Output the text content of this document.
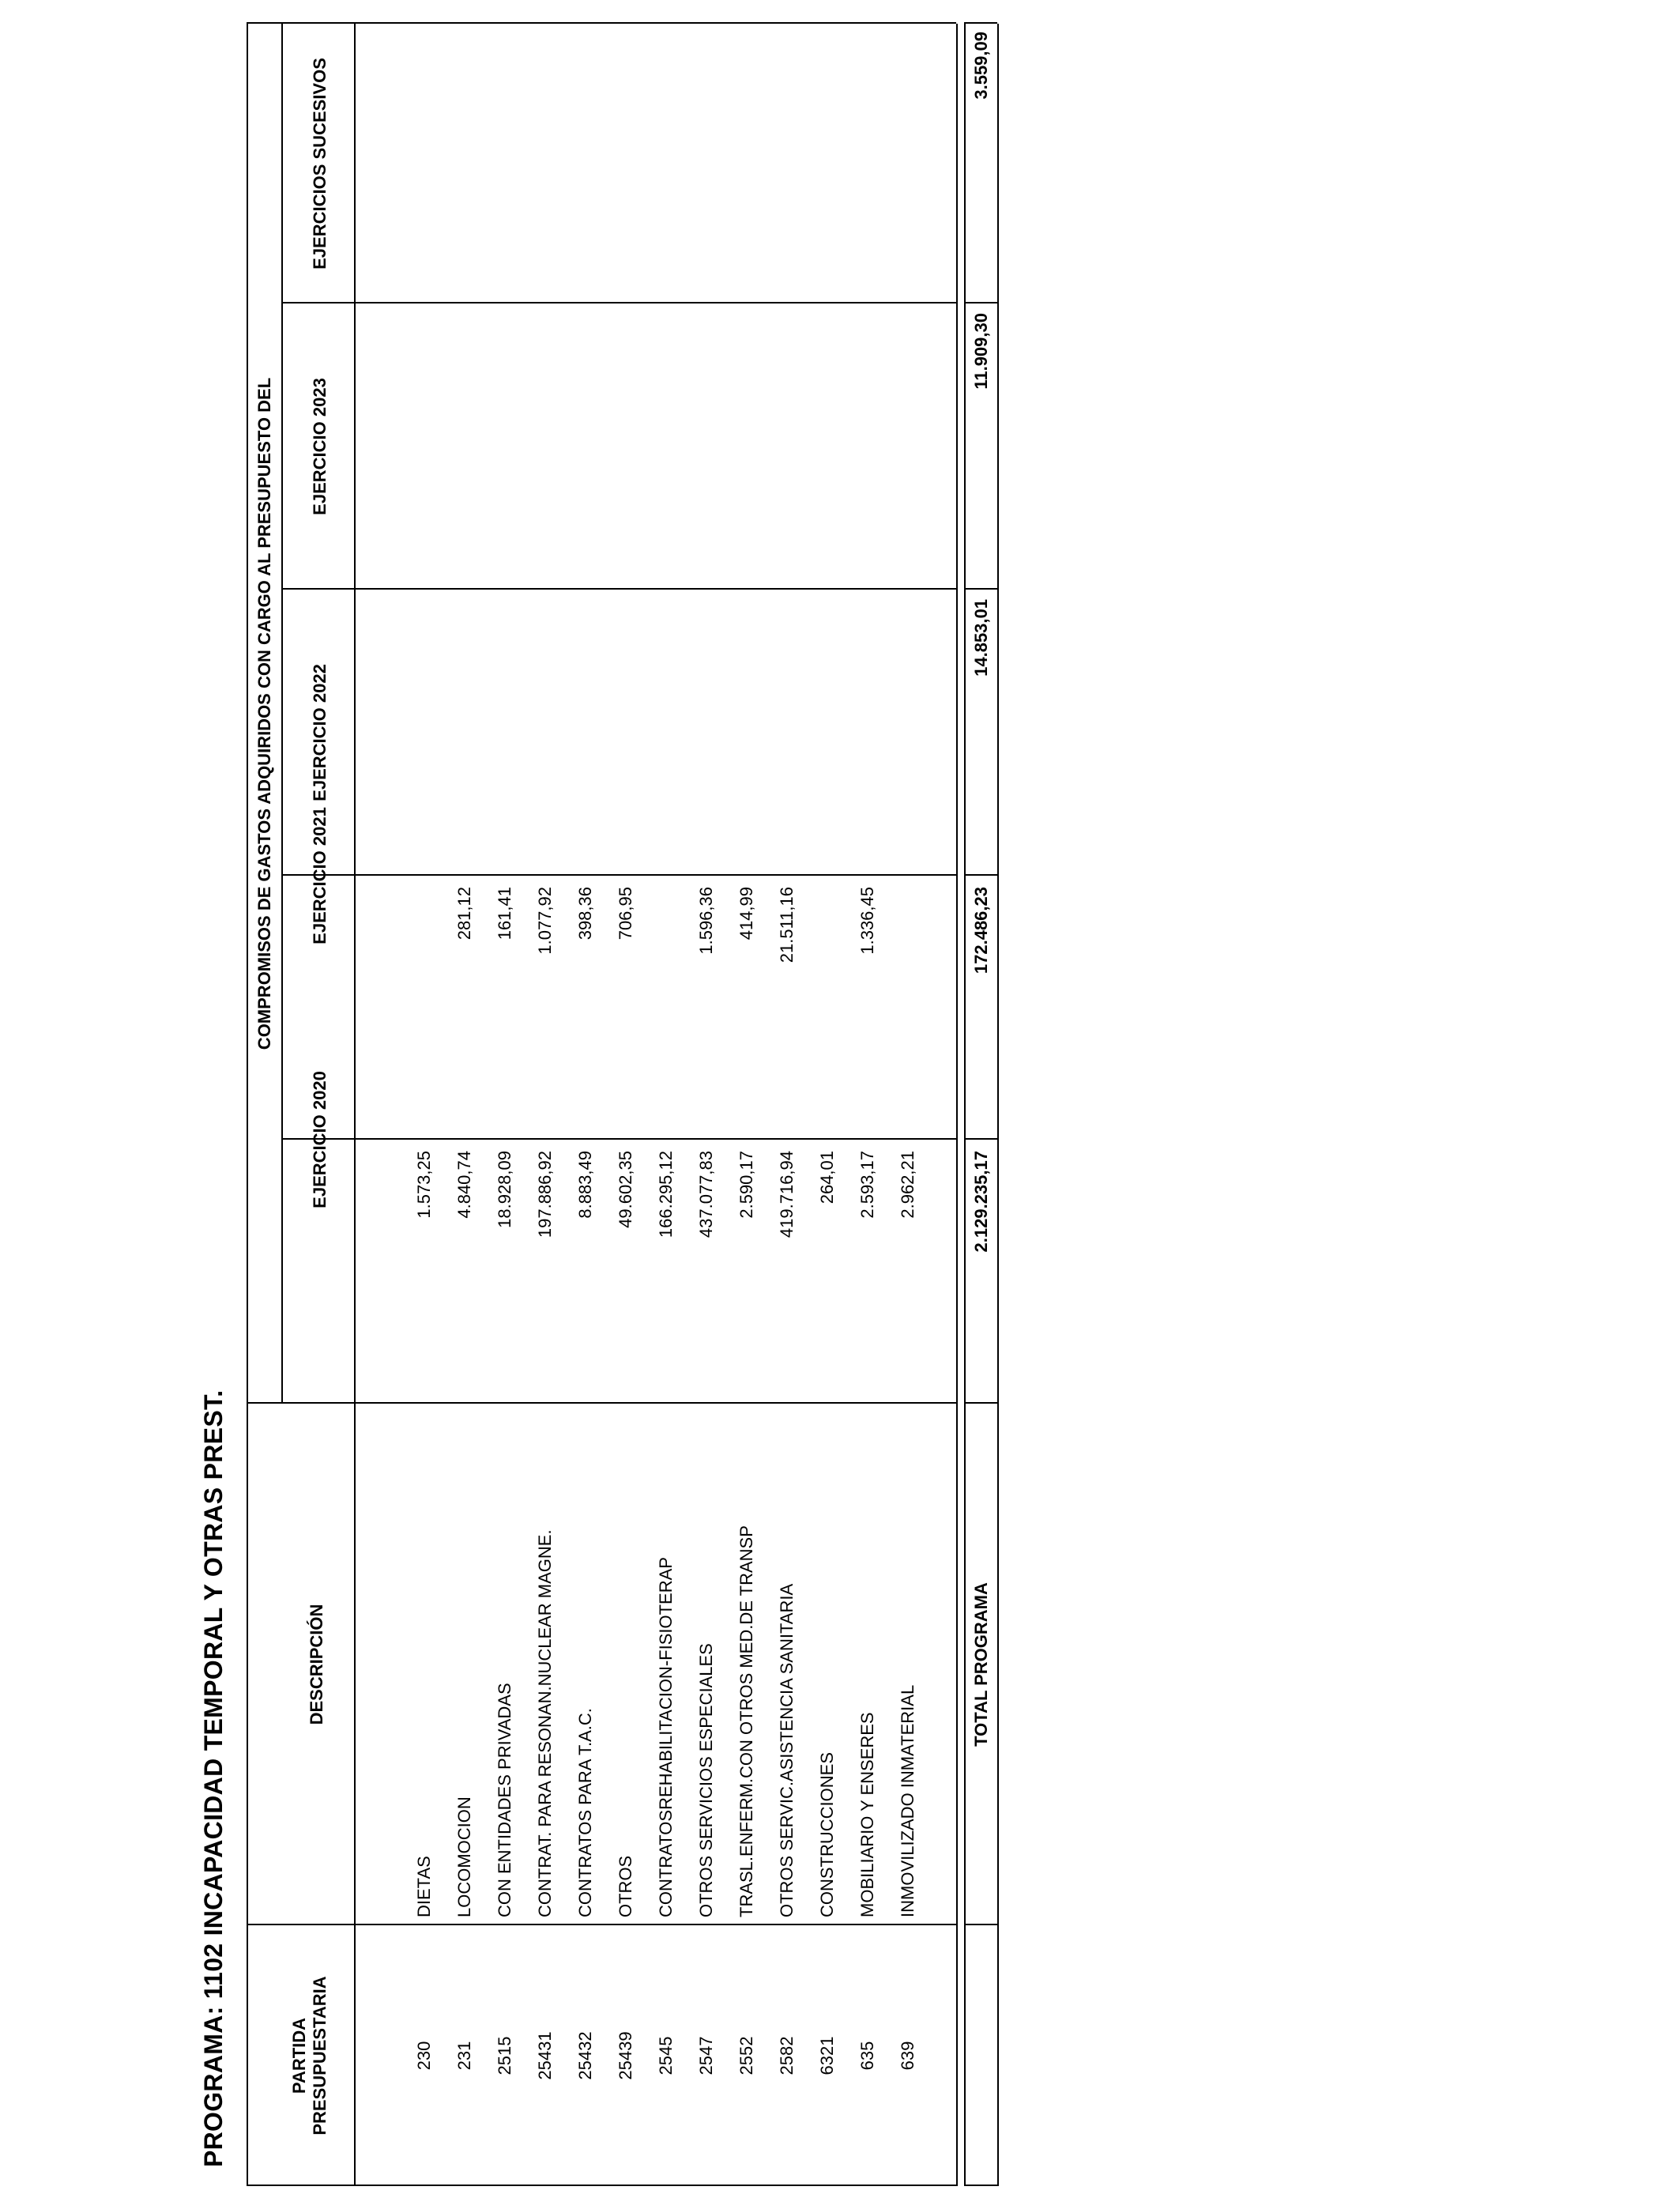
PROGRAMA: 1102 INCAPACIDAD TEMPORAL Y OTRAS PREST.	PARTIDA PRESUPUESTARIA
DESCRIPCIÓN
COMPROMISOS DE GASTOS ADQUIRIDOS CON CARGO AL PRESUPUESTO DEL
EJERCICIO 2020
EJERCICIO 2021
EJERCICIO 2022
EJERCICIO 2023
EJERCICIOS SUCESIVOS
230
DIETAS
1.573,25
231
LOCOMOCION
4.840,74
281,12
2515
CON ENTIDADES PRIVADAS
18.928,09
161,41
25431
CONTRAT. PARA RESONAN.NUCLEAR MAGNE.
197.886,92
1.077,92
25432
CONTRATOS PARA T.A.C.
8.883,49
398,36
25439
OTROS
49.602,35
706,95
2545
CONTRATOSREHABILITACION-FISIOTERAP
166.295,12
2547
OTROS SERVICIOS ESPECIALES
437.077,83
1.596,36
2552
TRASL.ENFERM.CON OTROS MED.DE TRANSP
2.590,17
414,99
2582
OTROS SERVIC.ASISTENCIA SANITARIA
419.716,94
21.511,16
6321
CONSTRUCCIONES
264,01
635
MOBILIARIO Y ENSERES
2.593,17
1.336,45
639
INMOVILIZADO INMATERIAL
2.962,21
TOTAL PROGRAMA
2.129.235,17
172.486,23
14.853,01
11.909,30
3.559,09
